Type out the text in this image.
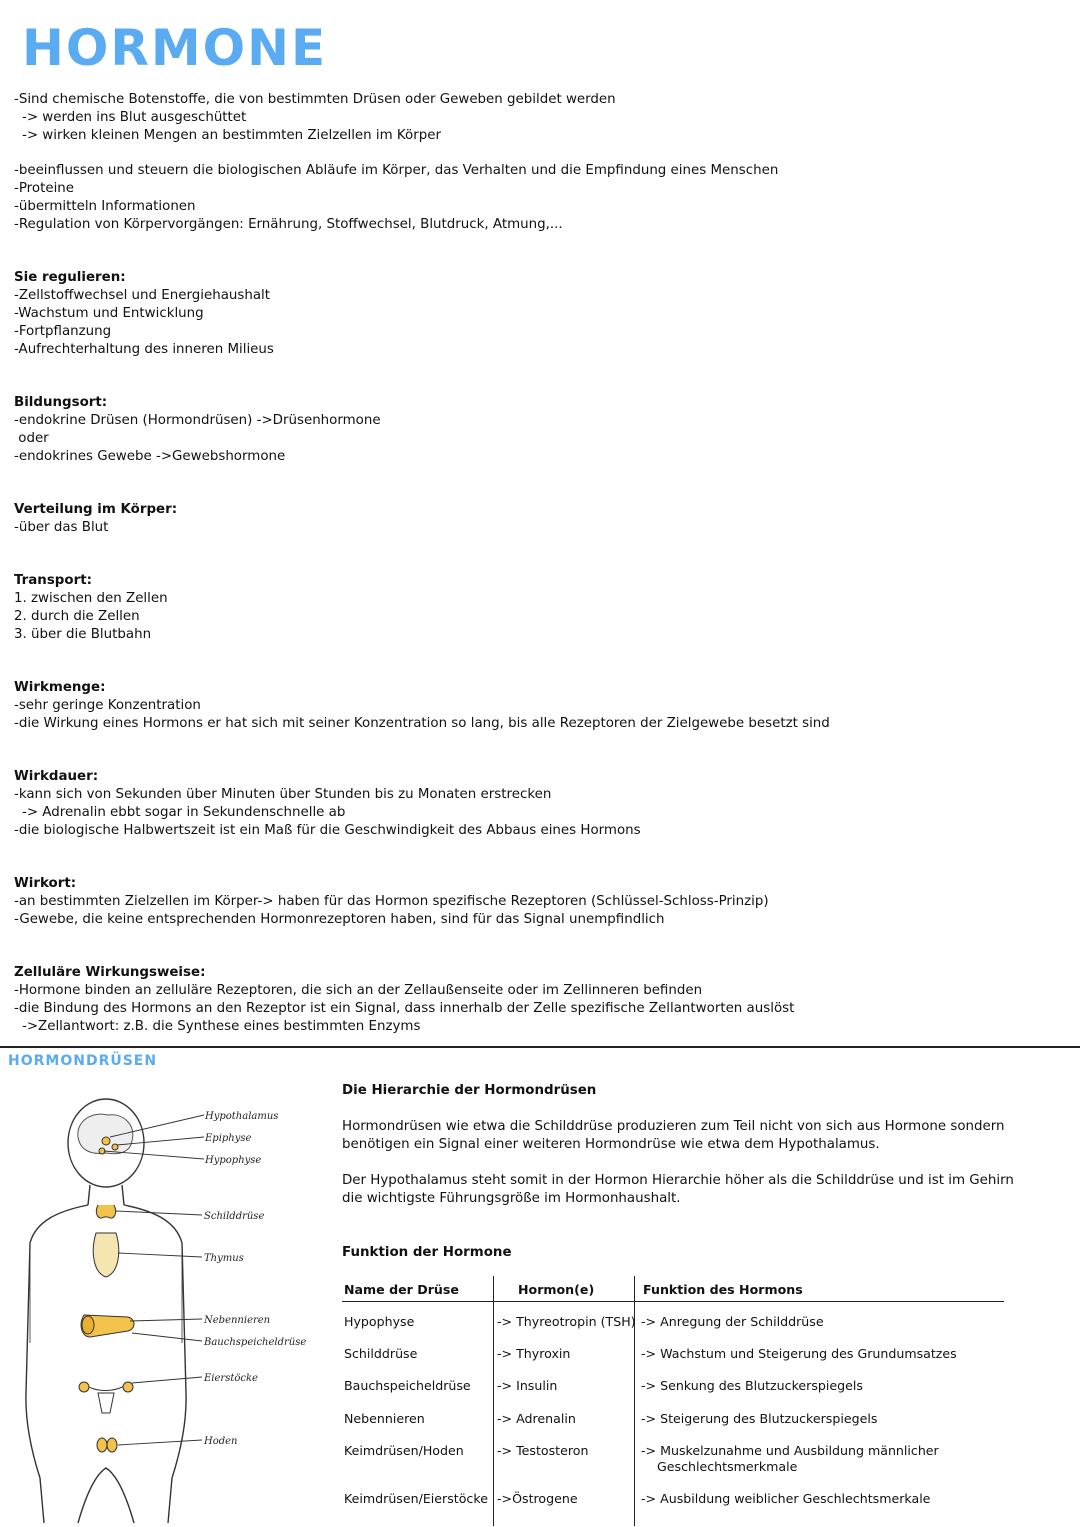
HORMONE
-Sind chemische Botenstoffe, die von bestimmten Drüsen oder Geweben gebildet werden
-> werden ins Blut ausgeschüttet
-> wirken kleinen Mengen an bestimmten Zielzellen im Körper
-beeinflussen und steuern die biologischen Abläufe im Körper, das Verhalten und die Empfindung eines Menschen
-Proteine
-übermitteln Informationen
-Regulation von Körpervorgängen: Ernährung, Stoffwechsel, Blutdruck, Atmung,...
Sie regulieren:
-Zellstoffwechsel und Energiehaushalt
-Wachstum und Entwicklung
-Fortpflanzung
-Aufrechterhaltung des inneren Milieus
Bildungsort:
-endokrine Drüsen (Hormondrüsen) ->Drüsenhormone
oder
-endokrines Gewebe ->Gewebshormone
Verteilung im Körper:
-über das Blut
Transport:
1. zwischen den Zellen
2. durch die Zellen
3. über die Blutbahn
Wirkmenge:
-sehr geringe Konzentration
-die Wirkung eines Hormons er hat sich mit seiner Konzentration so lang, bis alle Rezeptoren der Zielgewebe besetzt sind
Wirkdauer:
-kann sich von Sekunden über Minuten über Stunden bis zu Monaten erstrecken
-> Adrenalin ebbt sogar in Sekundenschnelle ab
-die biologische Halbwertszeit ist ein Maß für die Geschwindigkeit des Abbaus eines Hormons
Wirkort:
-an bestimmten Zielzellen im Körper-> haben für das Hormon spezifische Rezeptoren (Schlüssel-Schloss-Prinzip)
-Gewebe, die keine entsprechenden Hormonrezeptoren haben, sind für das Signal unempfindlich
Zelluläre Wirkungsweise:
-Hormone binden an zelluläre Rezeptoren, die sich an der Zellaußenseite oder im Zellinneren befinden
-die Bindung des Hormons an den Rezeptor ist ein Signal, dass innerhalb der Zelle spezifische Zellantworten auslöst
->Zellantwort: z.B. die Synthese eines bestimmten Enzyms
HORMONDRÜSEN
Hypothalamus
Epiphyse
Hypophyse
Schilddrüse
Thymus
Nebennieren
Bauchspeicheldrüse
Eierstöcke
Hoden
Die Hierarchie der Hormondrüsen
Hormondrüsen wie etwa die Schilddrüse produzieren zum Teil nicht von sich aus Hormone sondern
benötigen ein Signal einer weiteren Hormondrüse wie etwa dem Hypothalamus.
Der Hypothalamus steht somit in der Hormon Hierarchie höher als die Schilddrüse und ist im Gehirn
die wichtigste Führungsgröße im Hormonhaushalt.
Funktion der Hormone
Name der Drüse	Hormon(e)	Funktion des Hormons
Hypophyse	-> Thyreotropin (TSH) -> Anregung der Schilddrüse
Schilddrüse	-> Thyroxin	-> Wachstum und Steigerung des Grundumsatzes
Bauchspeicheldrüse -> Insulin	-> Senkung des Blutzuckerspiegels
Nebennieren	-> Adrenalin	-> Steigerung des Blutzuckerspiegels
Keimdrüsen/Hoden	-> Testosteron	-> Muskelzunahme und Ausbildung männlicher
Geschlechtsmerkmale
Keimdrüsen/Eierstöcke ->Östrogene	-> Ausbildung weiblicher Geschlechtsmerkale
